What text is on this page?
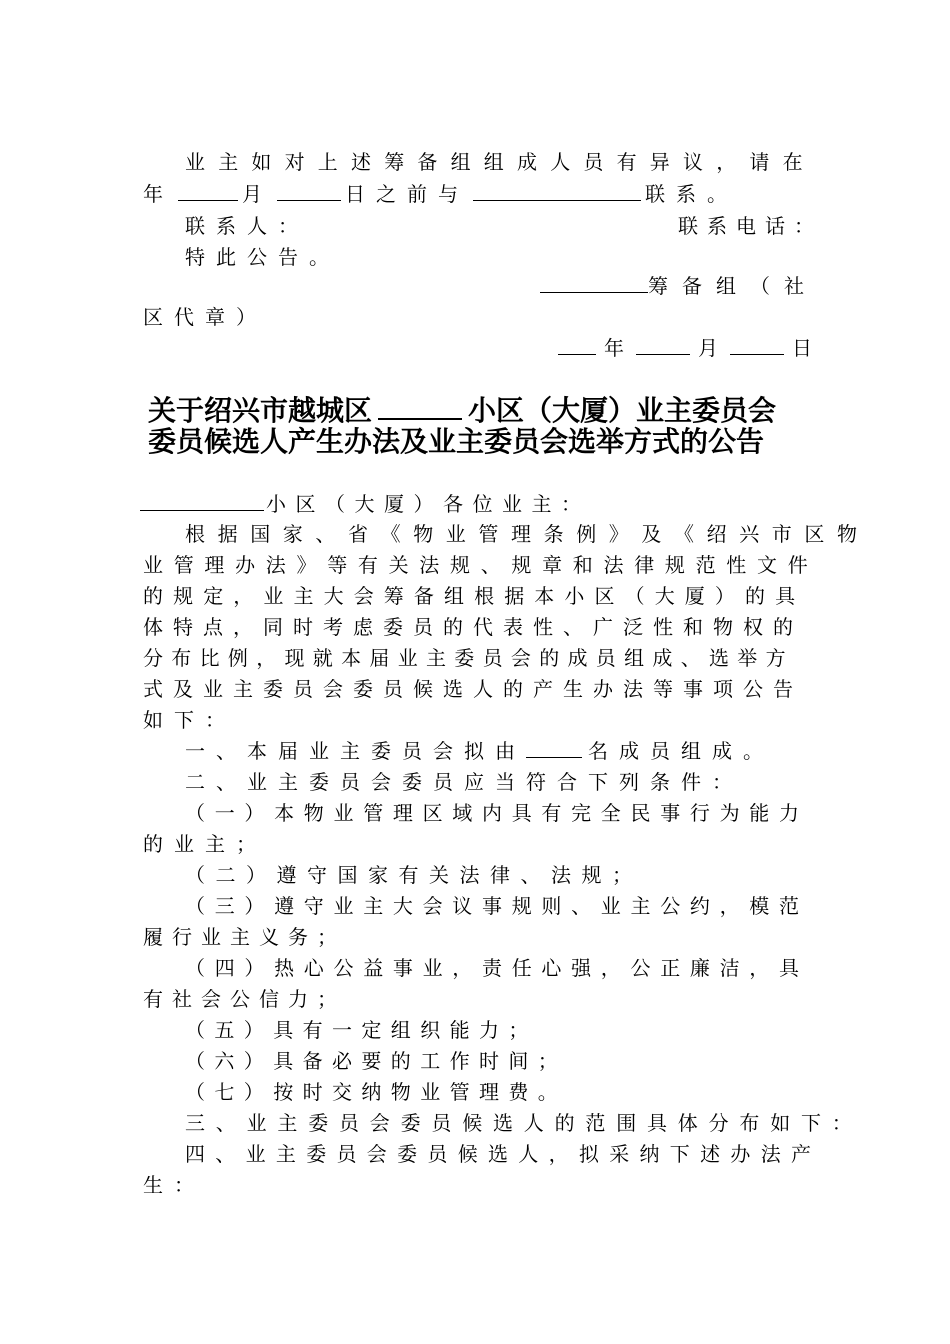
业主如对上述筹备组组成人员有异议，请在
年	月	日之前与	联系。
联系人：	联系电话：
特此公告。
筹备组（社
区代章）
年	月	日
关于绍兴市越城区	小区（大厦）业主委员会
委员候选人产生办法及业主委员会选举方式的公告
小区（大厦）各位业主：
根据国家、省《物业管理条例》及《绍兴市区物
业管理办法》等有关法规、规章和法律规范性文件
的规定，业主大会筹备组根据本小区（大厦）的具
体特点，同时考虑委员的代表性、广泛性和物权的
分布比例，现就本届业主委员会的成员组成、选举方
式及业主委员会委员候选人的产生办法等事项公告
如下：
一、本届业主委员会拟由	名成员组成。
二、业主委员会委员应当符合下列条件：
（一）本物业管理区域内具有完全民事行为能力
的业主；
（二）遵守国家有关法律、法规；
（三）遵守业主大会议事规则、业主公约，模范
履行业主义务；
（四）热心公益事业，责任心强，公正廉洁，具
有社会公信力；
（五）具有一定组织能力；
（六）具备必要的工作时间；
（七）按时交纳物业管理费。
三、业主委员会委员候选人的范围具体分布如下：
四、业主委员会委员候选人，拟采纳下述办法产
生：
